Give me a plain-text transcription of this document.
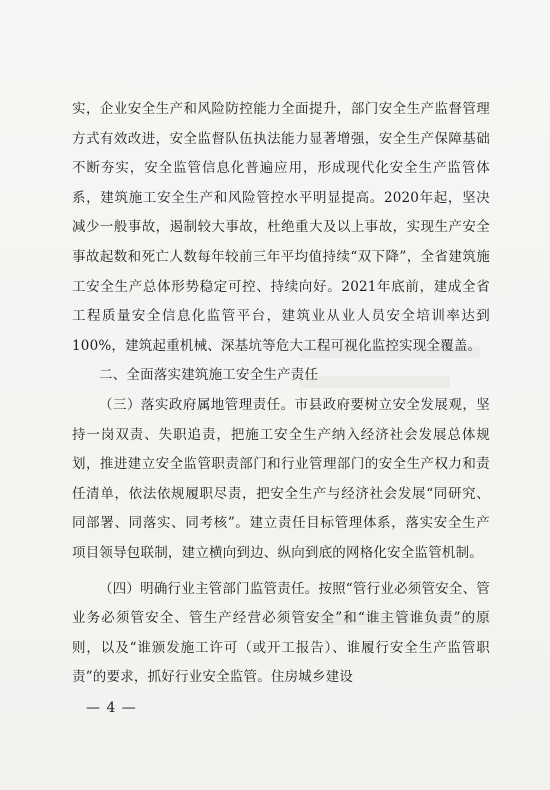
实，企业安全生产和风险防控能力全面提升，部门安全生产监督管理方式有效改进，安全监督队伍执法能力显著增强，安全生产保障基础不断夯实，安全监管信息化普遍应用，形成现代化安全生产监管体系，建筑施工安全生产和风险管控水平明显提高。2020年起，坚决减少一般事故，遏制较大事故，杜绝重大及以上事故，实现生产安全事故起数和死亡人数每年较前三年平均值持续“双下降”，全省建筑施工安全生产总体形势稳定可控、持续向好。2021年底前，建成全省工程质量安全信息化监管平台，建筑业从业人员安全培训率达到100%，建筑起重机械、深基坑等危大工程可视化监控实现全覆盖。

二、全面落实建筑施工安全生产责任

（三）落实政府属地管理责任。市县政府要树立安全发展观，坚持一岗双责、失职追责，把施工安全生产纳入经济社会发展总体规划，推进建立安全监管职责部门和行业管理部门的安全生产权力和责任清单，依法依规履职尽责，把安全生产与经济社会发展“同研究、同部署、同落实、同考核”。建立责任目标管理体系，落实安全生产项目领导包联制，建立横向到边、纵向到底的网格化安全监管机制。

（四）明确行业主管部门监管责任。按照“管行业必须管安全、管业务必须管安全、管生产经营必须管安全”和“谁主管谁负责”的原则，以及“谁颁发施工许可（或开工报告）、谁履行安全生产监管职责”的要求，抓好行业安全监管。住房城乡建设

— 4 —
